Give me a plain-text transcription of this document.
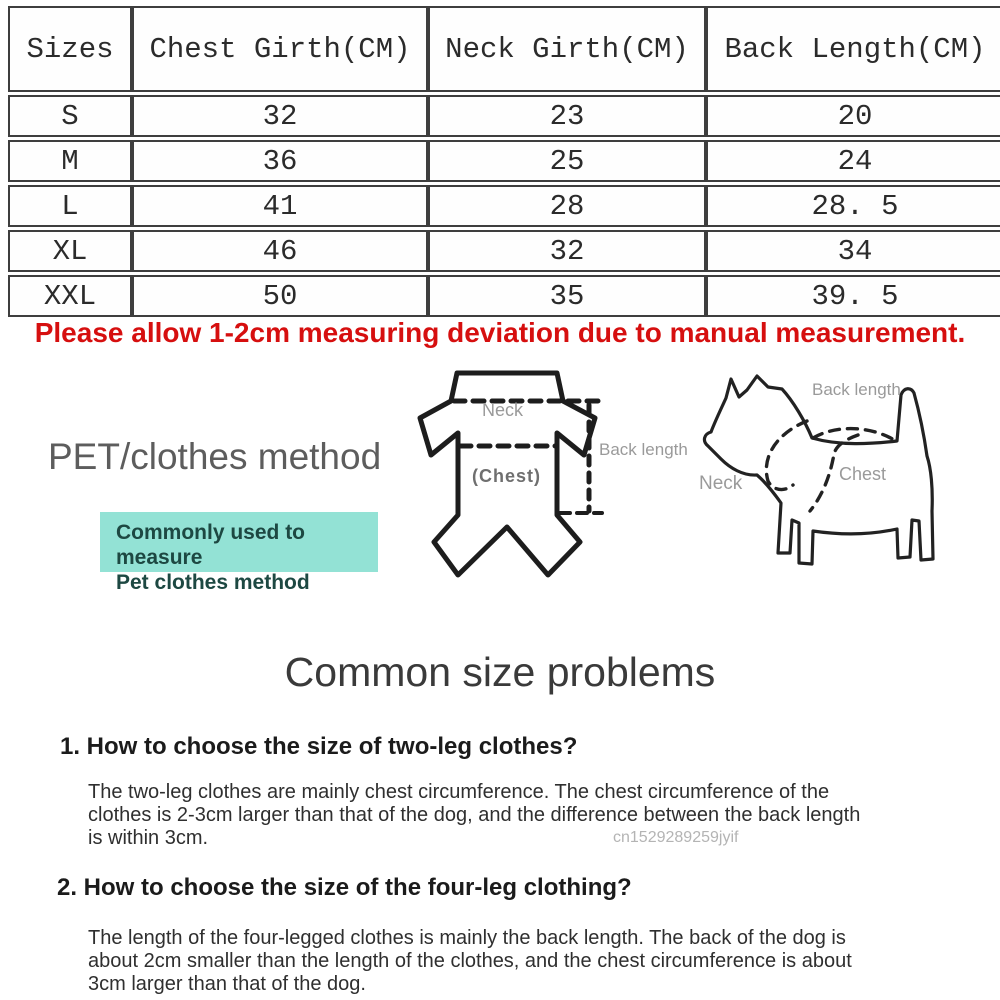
Sizes	Chest Girth(CM)	Neck Girth(CM)	Back Length(CM)
S	32	23	20
M	36	25	24
L	41	28	28. 5
XL	46	32	34
XXL	50	35	39. 5
Please allow 1-2cm measuring deviation due to manual measurement.
PET/clothes method
Commonly used to measure
Pet clothes method
Neck
(Chest)
Back length
Back length
Neck	Chest
Common size problems
1. How to choose the size of two-leg clothes?
The two-leg clothes are mainly chest circumference. The chest circumference of the clothes is 2-3cm larger than that of the dog, and the difference between the back length is within 3cm.	cn1529289259jyif
2. How to choose the size of the four-leg clothing?
The length of the four-legged clothes is mainly the back length. The back of the dog is about 2cm smaller than the length of the clothes, and the chest circumference is about 3cm larger than that of the dog.
